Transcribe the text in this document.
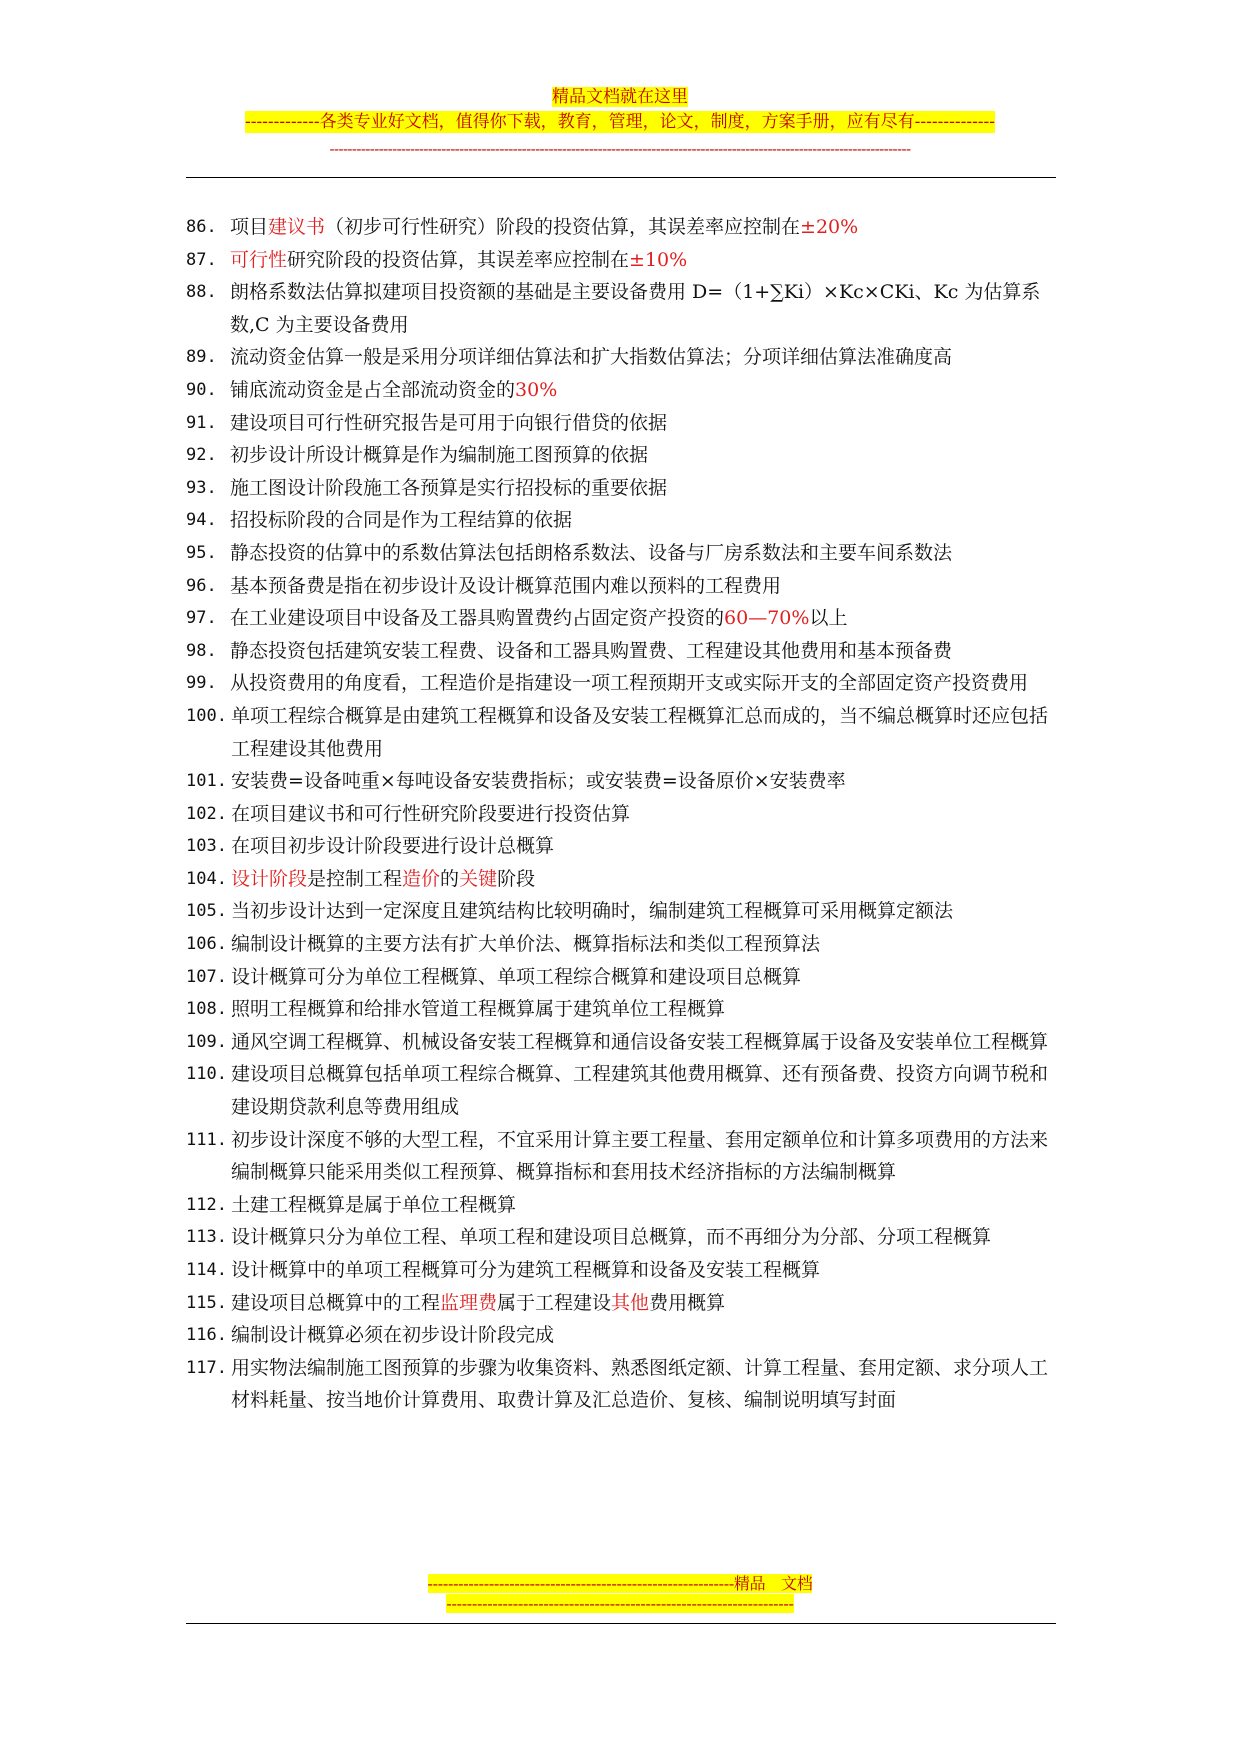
精品文档就在这里
-------------各类专业好文档，值得你下载，教育，管理，论文，制度，方案手册，应有尽有--------------
----------------------------------------------------------------------------------------------------------------------------------
86. 项目建议书（初步可行性研究）阶段的投资估算，其误差率应控制在±20%
87. 可行性研究阶段的投资估算，其误差率应控制在±10%
88. 朗格系数法估算拟建项目投资额的基础是主要设备费用 D=（1+∑Ki）×Kc×CKi、Kc 为估算系数,C 为主要设备费用
89. 流动资金估算一般是采用分项详细估算法和扩大指数估算法；分项详细估算法准确度高
90. 铺底流动资金是占全部流动资金的30%
91. 建设项目可行性研究报告是可用于向银行借贷的依据
92. 初步设计所设计概算是作为编制施工图预算的依据
93. 施工图设计阶段施工各预算是实行招投标的重要依据
94. 招投标阶段的合同是作为工程结算的依据
95. 静态投资的估算中的系数估算法包括朗格系数法、设备与厂房系数法和主要车间系数法
96. 基本预备费是指在初步设计及设计概算范围内难以预料的工程费用
97. 在工业建设项目中设备及工器具购置费约占固定资产投资的60—70%以上
98. 静态投资包括建筑安装工程费、设备和工器具购置费、工程建设其他费用和基本预备费
99. 从投资费用的角度看，工程造价是指建设一项工程预期开支或实际开支的全部固定资产投资费用
100. 单项工程综合概算是由建筑工程概算和设备及安装工程概算汇总而成的，当不编总概算时还应包括工程建设其他费用
101. 安装费=设备吨重×每吨设备安装费指标；或安装费=设备原价×安装费率
102. 在项目建议书和可行性研究阶段要进行投资估算
103. 在项目初步设计阶段要进行设计总概算
104. 设计阶段是控制工程造价的关键阶段
105. 当初步设计达到一定深度且建筑结构比较明确时，编制建筑工程概算可采用概算定额法
106. 编制设计概算的主要方法有扩大单价法、概算指标法和类似工程预算法
107. 设计概算可分为单位工程概算、单项工程综合概算和建设项目总概算
108. 照明工程概算和给排水管道工程概算属于建筑单位工程概算
109. 通风空调工程概算、机械设备安装工程概算和通信设备安装工程概算属于设备及安装单位工程概算
110. 建设项目总概算包括单项工程综合概算、工程建筑其他费用概算、还有预备费、投资方向调节税和建设期贷款利息等费用组成
111. 初步设计深度不够的大型工程，不宜采用计算主要工程量、套用定额单位和计算多项费用的方法来编制概算只能采用类似工程预算、概算指标和套用技术经济指标的方法编制概算
112. 土建工程概算是属于单位工程概算
113. 设计概算只分为单位工程、单项工程和建设项目总概算，而不再细分为分部、分项工程概算
114. 设计概算中的单项工程概算可分为建筑工程概算和设备及安装工程概算
115. 建设项目总概算中的工程监理费属于工程建设其他费用概算
116. 编制设计概算必须在初步设计阶段完成
117. 用实物法编制施工图预算的步骤为收集资料、熟悉图纸定额、计算工程量、套用定额、求分项人工材料耗量、按当地价计算费用、取费计算及汇总造价、复核、编制说明填写封面
------------------------------------------------------------精品　文档
--------------------------------------------------------------------
